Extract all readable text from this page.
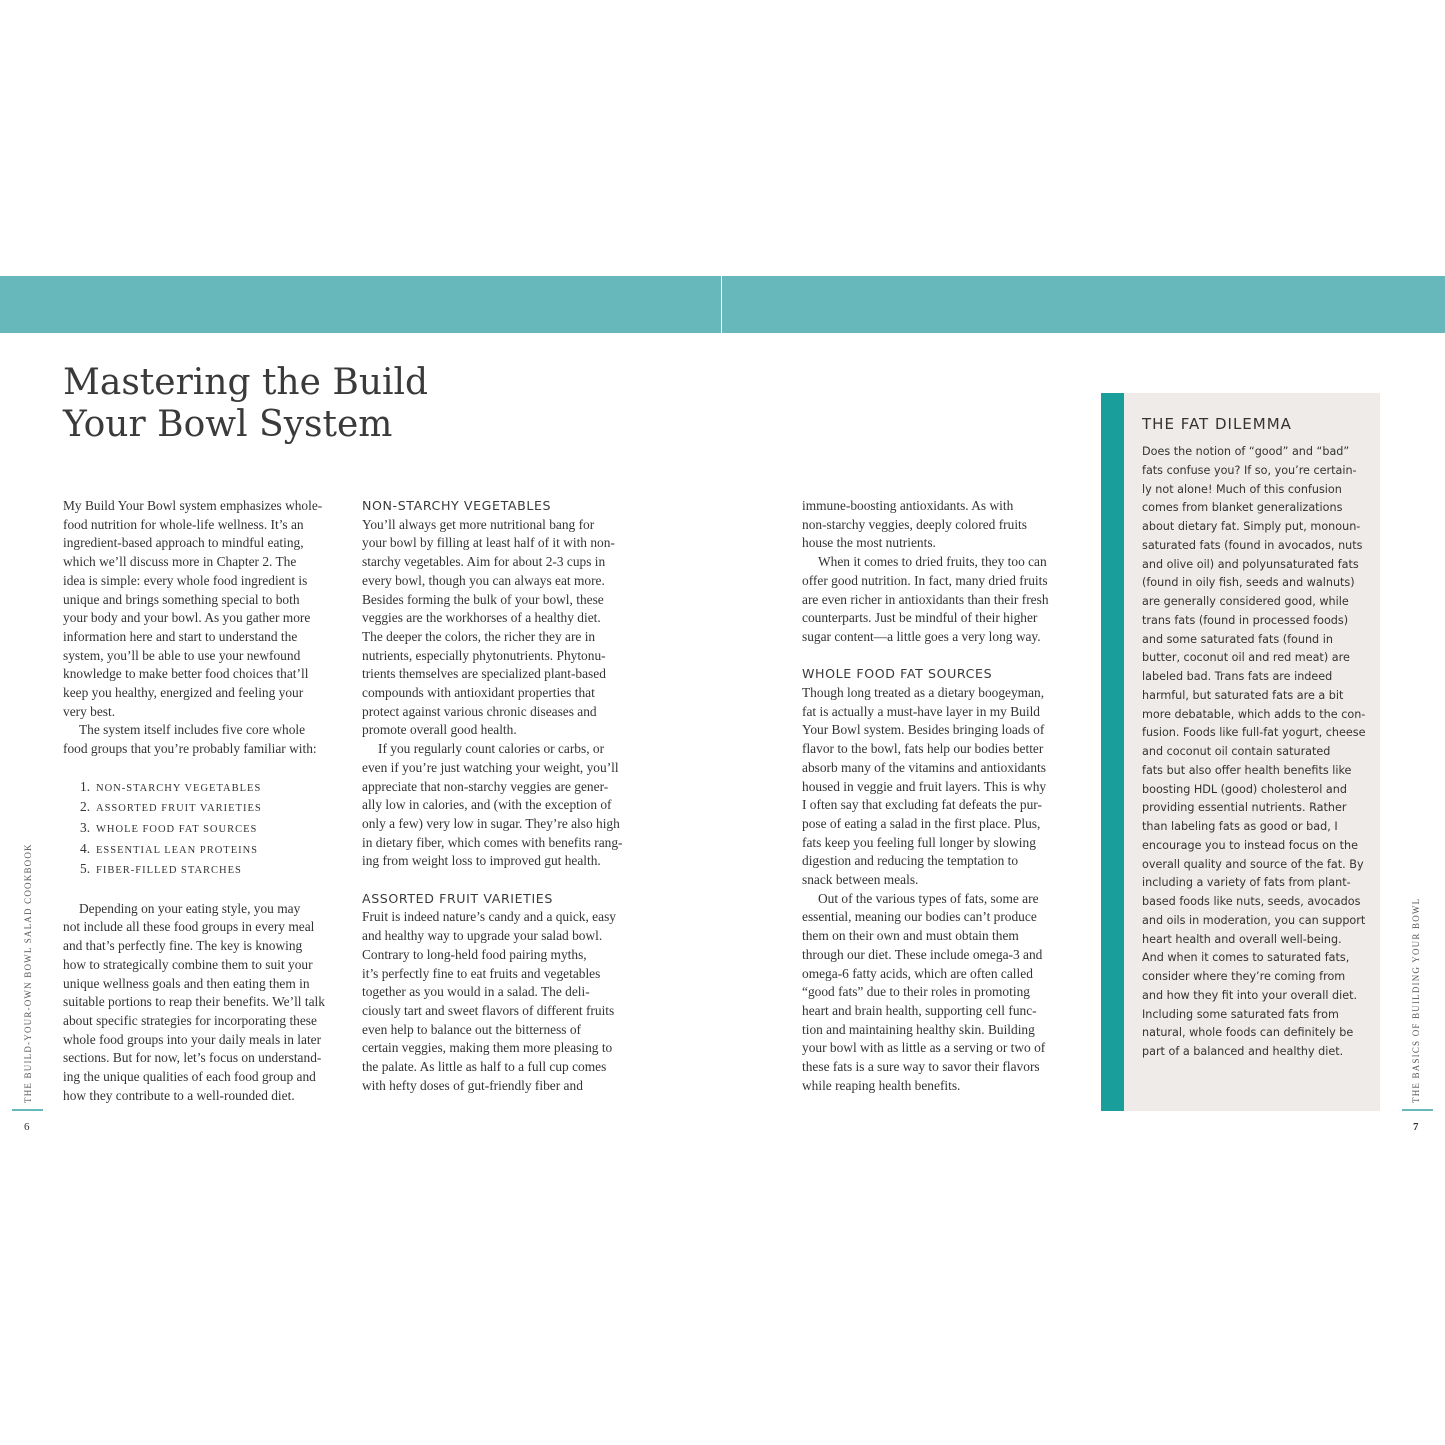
Mastering the Build
Your Bowl System
My Build Your Bowl system emphasizes whole-
food nutrition for whole-life wellness. It’s an
ingredient-based approach to mindful eating,
which we’ll discuss more in Chapter 2. The
idea is simple: every whole food ingredient is
unique and brings something special to both
your body and your bowl. As you gather more
information here and start to understand the
system, you’ll be able to use your newfound
knowledge to make better food choices that’ll
keep you healthy, energized and feeling your
very best.
The system itself includes five core whole
food groups that you’re probably familiar with:
1. NON-STARCHY VEGETABLES
2. ASSORTED FRUIT VARIETIES
3. WHOLE FOOD FAT SOURCES
4. ESSENTIAL LEAN PROTEINS
5. FIBER-FILLED STARCHES
Depending on your eating style, you may
not include all these food groups in every meal
and that’s perfectly fine. The key is knowing
how to strategically combine them to suit your
unique wellness goals and then eating them in
suitable portions to reap their benefits. We’ll talk
about specific strategies for incorporating these
whole food groups into your daily meals in later
sections. But for now, let’s focus on understand-
ing the unique qualities of each food group and
how they contribute to a well-rounded diet.
NON-STARCHY VEGETABLES
You’ll always get more nutritional bang for
your bowl by filling at least half of it with non-
starchy vegetables. Aim for about 2-3 cups in
every bowl, though you can always eat more.
Besides forming the bulk of your bowl, these
veggies are the workhorses of a healthy diet.
The deeper the colors, the richer they are in
nutrients, especially phytonutrients. Phytonu-
trients themselves are specialized plant-based
compounds with antioxidant properties that
protect against various chronic diseases and
promote overall good health.
If you regularly count calories or carbs, or
even if you’re just watching your weight, you’ll
appreciate that non-starchy veggies are gener-
ally low in calories, and (with the exception of
only a few) very low in sugar. They’re also high
in dietary fiber, which comes with benefits rang-
ing from weight loss to improved gut health.
ASSORTED FRUIT VARIETIES
Fruit is indeed nature’s candy and a quick, easy
and healthy way to upgrade your salad bowl.
Contrary to long-held food pairing myths,
it’s perfectly fine to eat fruits and vegetables
together as you would in a salad. The deli-
ciously tart and sweet flavors of different fruits
even help to balance out the bitterness of
certain veggies, making them more pleasing to
the palate. As little as half to a full cup comes
with hefty doses of gut-friendly fiber and
immune-boosting antioxidants. As with
non-starchy veggies, deeply colored fruits
house the most nutrients.
When it comes to dried fruits, they too can
offer good nutrition. In fact, many dried fruits
are even richer in antioxidants than their fresh
counterparts. Just be mindful of their higher
sugar content—a little goes a very long way.
WHOLE FOOD FAT SOURCES
Though long treated as a dietary boogeyman,
fat is actually a must-have layer in my Build
Your Bowl system. Besides bringing loads of
flavor to the bowl, fats help our bodies better
absorb many of the vitamins and antioxidants
housed in veggie and fruit layers. This is why
I often say that excluding fat defeats the pur-
pose of eating a salad in the first place. Plus,
fats keep you feeling full longer by slowing
digestion and reducing the temptation to
snack between meals.
Out of the various types of fats, some are
essential, meaning our bodies can’t produce
them on their own and must obtain them
through our diet. These include omega-3 and
omega-6 fatty acids, which are often called
“good fats” due to their roles in promoting
heart and brain health, supporting cell func-
tion and maintaining healthy skin. Building
your bowl with as little as a serving or two of
these fats is a sure way to savor their flavors
while reaping health benefits.
THE FAT DILEMMA
Does the notion of “good” and “bad”
fats confuse you? If so, you’re certain-
ly not alone! Much of this confusion
comes from blanket generalizations
about dietary fat. Simply put, monoun-
saturated fats (found in avocados, nuts
and olive oil) and polyunsaturated fats
(found in oily fish, seeds and walnuts)
are generally considered good, while
trans fats (found in processed foods)
and some saturated fats (found in
butter, coconut oil and red meat) are
labeled bad. Trans fats are indeed
harmful, but saturated fats are a bit
more debatable, which adds to the con-
fusion. Foods like full-fat yogurt, cheese
and coconut oil contain saturated
fats but also offer health benefits like
boosting HDL (good) cholesterol and
providing essential nutrients. Rather
than labeling fats as good or bad, I
encourage you to instead focus on the
overall quality and source of the fat. By
including a variety of fats from plant-
based foods like nuts, seeds, avocados
and oils in moderation, you can support
heart health and overall well-being.
And when it comes to saturated fats,
consider where they’re coming from
and how they fit into your overall diet.
Including some saturated fats from
natural, whole foods can definitely be
part of a balanced and healthy diet.
THE BUILD-YOUR-OWN BOWL SALAD COOKBOOK
6
THE BASICS OF BUILDING YOUR BOWL
7
